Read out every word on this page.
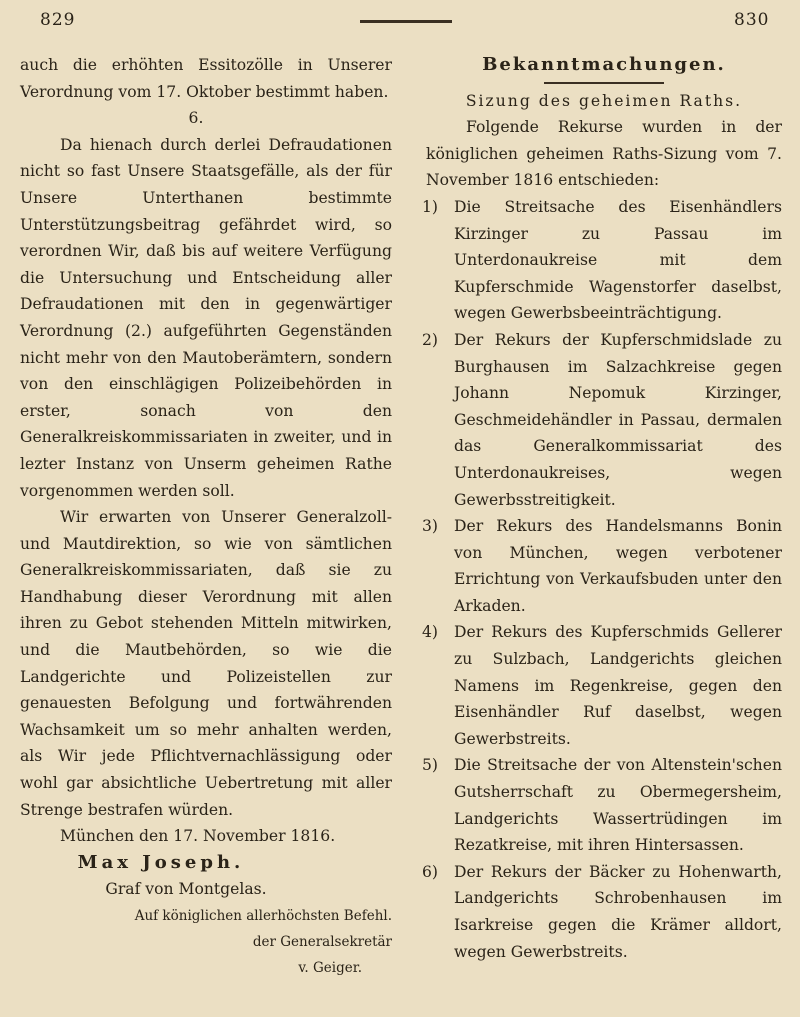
829	830

auch die erhöhten Essitozölle in Unserer Verordnung vom 17. Oktober bestimmt haben.

6.

Da hienach durch derlei Defraudationen nicht so fast Unsere Staatsgefälle, als der für Unsere Unterthanen bestimmte Unterstützungsbeitrag gefährdet wird, so verordnen Wir, daß bis auf weitere Verfügung die Untersuchung und Entscheidung aller Defraudationen mit den in gegenwärtiger Verordnung (2.) aufgeführten Gegenständen nicht mehr von den Mautoberämtern, sondern von den einschlägigen Polizeibehörden in erster, sonach von den Generalkreiskommissariaten in zweiter, und in lezter Instanz von Unserm geheimen Rathe vorgenommen werden soll.

Wir erwarten von Unserer Generalzoll- und Mautdirektion, so wie von sämtlichen Generalkreiskommissariaten, daß sie zu Handhabung dieser Verordnung mit allen ihren zu Gebot stehenden Mitteln mitwirken, und die Mautbehörden, so wie die Landgerichte und Polizeistellen zur genauesten Befolgung und fortwährenden Wachsamkeit um so mehr anhalten werden, als Wir jede Pflichtvernachlässigung oder wohl gar absichtliche Uebertretung mit aller Strenge bestrafen würden.

München den 17. November 1816.

Max Joseph.

Graf von Montgelas.

Auf königlichen allerhöchsten Befehl.

der Generalsekretär

v. Geiger.

Bekanntmachungen.

Sizung des geheimen Raths.

Folgende Rekurse wurden in der königlichen geheimen Raths-Sizung vom 7. November 1816 entschieden:

1) Die Streitsache des Eisenhändlers Kirzinger zu Passau im Unterdonaukreise mit dem Kupferschmide Wagenstorfer daselbst, wegen Gewerbsbeeinträchtigung.
2) Der Rekurs der Kupferschmidslade zu Burghausen im Salzachkreise gegen Johann Nepomuk Kirzinger, Geschmeidehändler in Passau, dermalen das Generalkommissariat des Unterdonaukreises, wegen Gewerbsstreitigkeit.
3) Der Rekurs des Handelsmanns Bonin von München, wegen verbotener Errichtung von Verkaufsbuden unter den Arkaden.
4) Der Rekurs des Kupferschmids Gellerer zu Sulzbach, Landgerichts gleichen Namens im Regenkreise, gegen den Eisenhändler Ruf daselbst, wegen Gewerbstreits.
5) Die Streitsache der von Altenstein'schen Gutsherrschaft zu Obermegersheim, Landgerichts Wassertrüdingen im Rezatkreise, mit ihren Hintersassen.
6) Der Rekurs der Bäcker zu Hohenwarth, Landgerichts Schrobenhausen im Isarkreise gegen die Krämer alldort, wegen Gewerbstreits.
